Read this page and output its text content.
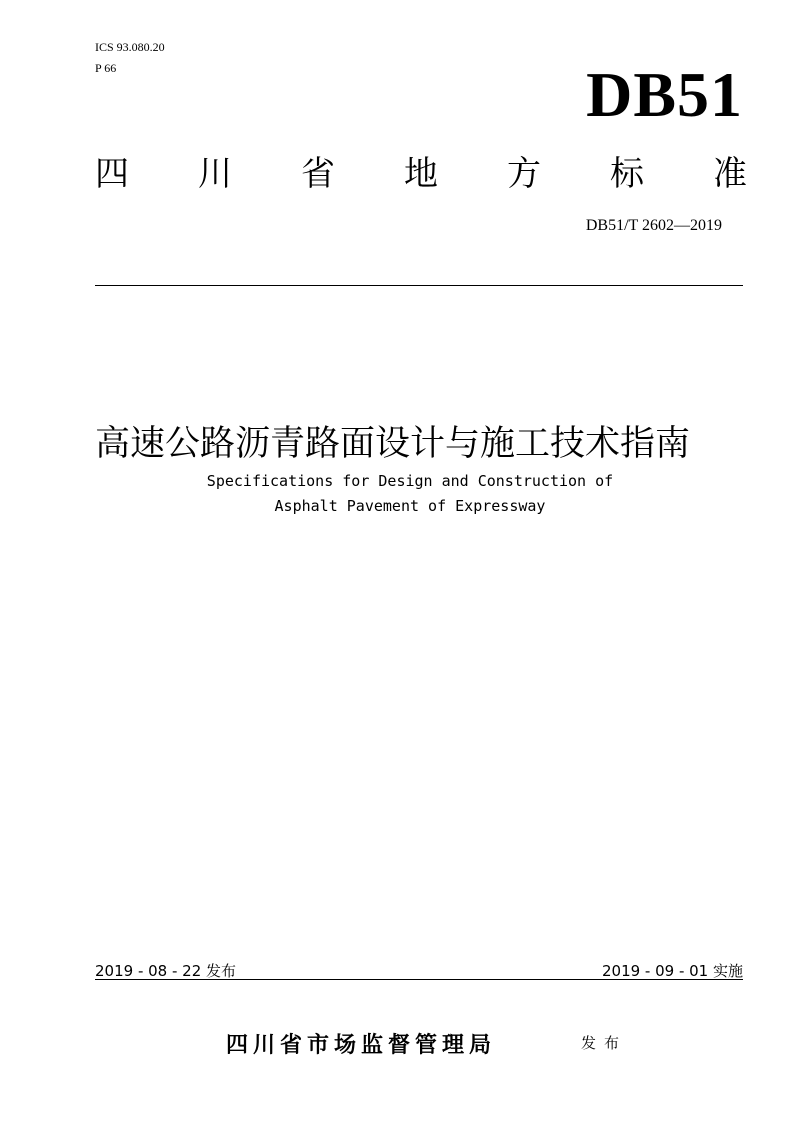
ICS 93.080.20
P 66	DB51
四 川 省 地 方 标 准
DB51/T 2602—2019
高速公路沥青路面设计与施工技术指南
Specifications for Design and Construction of
Asphalt Pavement of Expressway
2019 - 08 - 22 发布	2019 - 09 - 01 实施
四川省市场监督管理局	发布
